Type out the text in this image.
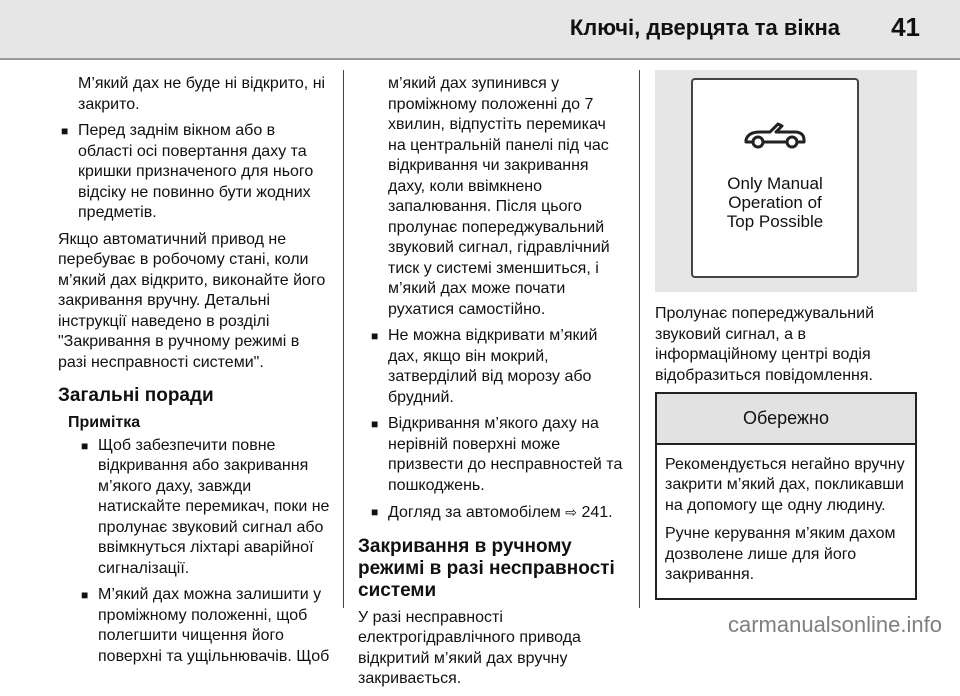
Ключі, дверцята та вікна 41

М’який дах не буде ні відкрито, ні закрито.

■ Перед заднім вікном або в області осі повертання даху та кришки призначеного для нього відсіку не повинно бути жодних предметів.

Якщо автоматичний привод не перебуває в робочому стані, коли м’який дах відкрито, виконайте його закривання вручну. Детальні інструкції наведено в розділі "Закривання в ручному режимі в разі несправності системи".

Загальні поради
Примітка
■ Щоб забезпечити повне відкривання або закривання м’якого даху, завжди натискайте перемикач, поки не пролунає звуковий сигнал або ввімкнуться ліхтарі аварійної сигналізації.
■ М’який дах можна залишити у проміжному положенні, щоб полегшити чищення його поверхні та ущільнювачів. Щоб

м’який дах зупинився у проміжному положенні до 7 хвилин, відпустіть перемикач на центральній панелі під час відкривання чи закривання даху, коли ввімкнено запалювання. Після цього пролунає попереджувальний звуковий сигнал, гідравлічний тиск у системі зменшиться, і м’який дах може почати рухатися самостійно.

■ Не можна відкривати м’який дах, якщо він мокрий, затверділий від морозу або брудний.
■ Відкривання м’якого даху на нерівній поверхні може призвести до несправностей та пошкоджень.
■ Догляд за автомобілем ⇨ 241.
Закривання в ручному режимі в разі несправності системи

У разі несправності електрогідравлічного привода відкритий м’який дах вручну закривається.

Only Manual
Operation of
Top Possible

Пролунає попереджувальний звуковий сигнал, а в інформаційному центрі водія відобразиться повідомлення.

Обережно

Рекомендується негайно вручну закрити м’який дах, покликавши на допомогу ще одну людину.

Ручне керування м’яким дахом дозволене лише для його закривання.

carmanualsonline.info
